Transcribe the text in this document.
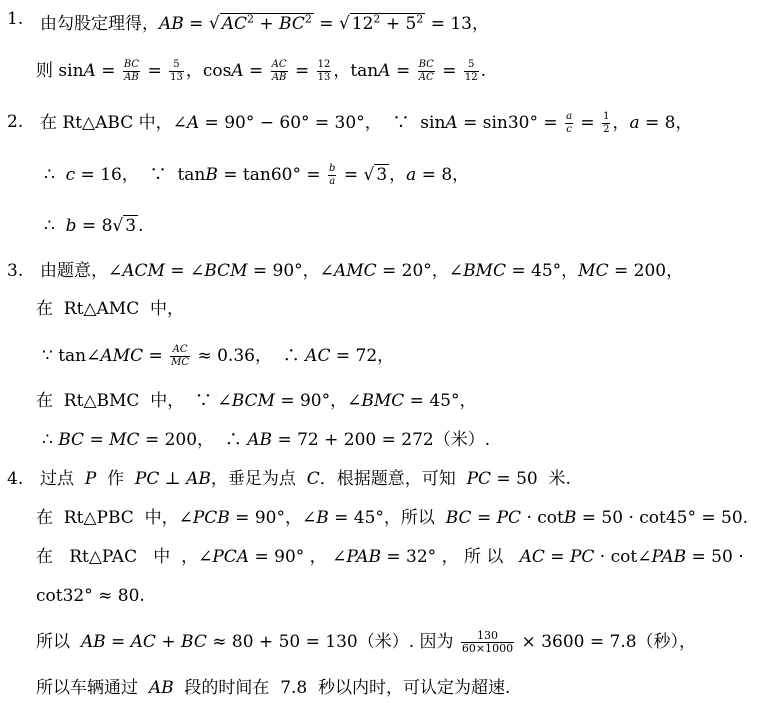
1. 由勾股定理得，AB = √ $AC^2 + BC^2$ = √ $12^2 + 5^2 = 13$，
则 $\sin A = \frac{BC}{AB} = \frac{5}{13}$ ，$\cos A = \frac{AC}{AB} = \frac{12}{13}$ ，$\tan A = \frac{BC}{AC} = \frac{5}{12}$ .
2. 在 Rt△ABC 中，∠A = 90° − 60° = 30°，  ∵  $\sin A = \sin 30^\circ = \frac{a}{c} = \frac{1}{2}$ ，a = 8，
∴  c = 16，  ∵  $\tan B = \tan 60^\circ = \frac{b}{a}$ = √ 3 ，a = 8，
∴  b = 8√ 3 .
3. 由题意，∠ACM = ∠BCM = 90°，∠AMC = 20°，∠BMC = 45°，MC = 200，
在  Rt△AMC  中，
∵ tan∠AMC = $\frac{AC}{MC} \approx 0.36$，  ∴ AC = 72，
在  Rt△BMC  中，  ∵ ∠BCM = 90°，∠BMC = 45°，
∴ BC = MC = 200，  ∴ AB = 72 + 200 = 272（米）.
4. 过点  P  作  PC ⊥ AB，垂足为点  C．根据题意，可知  PC = 50  米.
在  Rt△PBC  中，∠PCB = 90°，∠B = 45°，所以  BC = PC · cotB = 50 · cot45° = 50.
在   Rt△PAC   中  ，∠PCA = 90° ， ∠PAB = 32° ， 所 以   AC = PC · cot∠PAB = 50 ·
cot32° ≈ 80.
所以  AB = AC + BC ≈ 80 + 50 = 130（米）. 因为 $\frac{130}{60\times 1000} \times 3600 = 7.8$（秒），
所以车辆通过  AB  段的时间在  7.8  秒以内时，可认定为超速.
